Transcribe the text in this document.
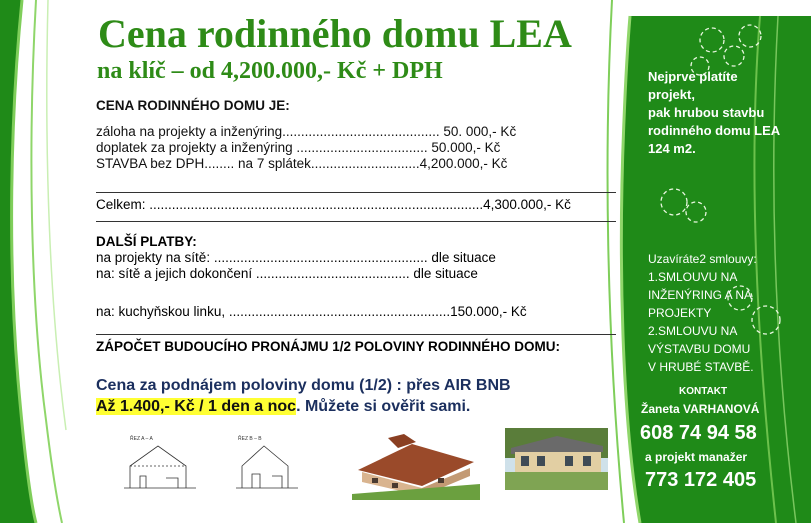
Cena rodinného domu LEA
na klíč – od 4,200.000,- Kč + DPH
CENA RODINNÉHO DOMU JE:
záloha na projekty a inženýring.......................................... 50. 000,- Kč
doplatek za projekty a inženýring ................................... 50.000,- Kč
STAVBA bez DPH........ na 7 splátek.............................4,200.000,- Kč
Celkem: .........................................................................................4,300.000,- Kč
DALŠÍ PLATBY:
na projekty na sítě: ......................................................... dle situace
na: sítě a jejich dokončení ......................................... dle situace
na: kuchyňskou linku, ...........................................................150.000,- Kč
ZÁPOČET BUDOUCÍHO PRONÁJMU 1/2 POLOVINY RODINNÉHO DOMU:
Cena za podnájem poloviny domu (1/2) : přes AIR BNB
Až 1.400,- Kč / 1 den a noc. Můžete si ověřit sami.
ŘEZ A – A	ŘEZ B – B
Nejprve platíte
projekt,
pak hrubou stavbu
rodinného domu LEA
124 m2.
Uzavíráte2 smlouvy:
1.SMLOUVU NA
INŽENÝRING A NA
PROJEKTY
2.SMLOUVU NA
VÝSTAVBU DOMU
V HRUBÉ STAVBĚ.
KONTAKT
Žaneta VARHANOVÁ
608 74 94 58
a projekt manažer
773 172 405
